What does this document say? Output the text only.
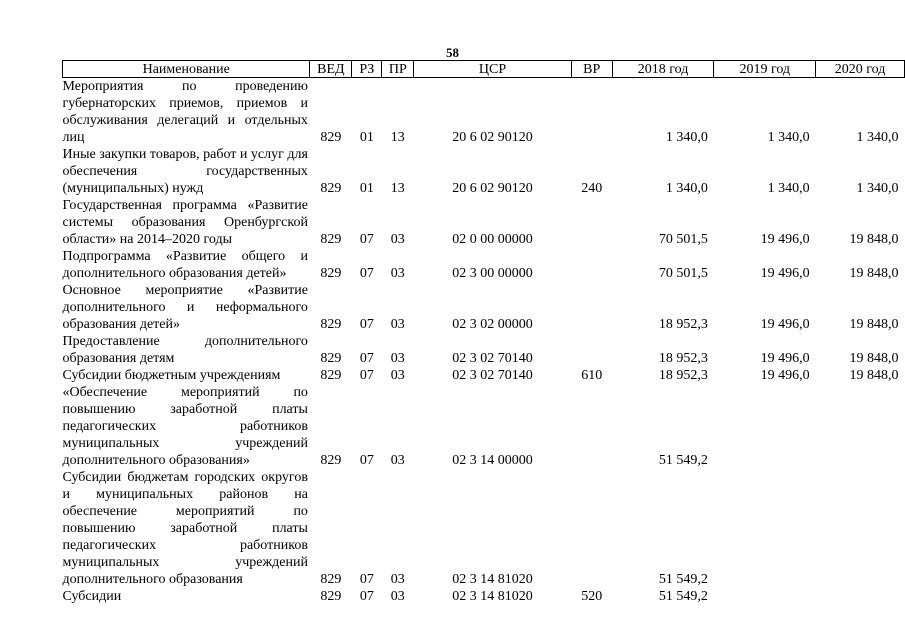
58
Наименование	ВЕД	РЗ	ПР	ЦСР	ВР	2018 год	2019 год	2020 год
Мероприятия по проведению губернаторских приемов, приемов и обслуживания делегаций и отдельных лиц	829	01	13	20 6 02 90120		1 340,0	1 340,0	1 340,0
Иные закупки товаров, работ и услуг для обеспечения государственных (муниципальных) нужд	829	01	13	20 6 02 90120	240	1 340,0	1 340,0	1 340,0
Государственная программа «Развитие системы образования Оренбургской области» на 2014–2020 годы	829	07	03	02 0 00 00000		70 501,5	19 496,0	19 848,0
Подпрограмма «Развитие общего и дополнительного образования детей»	829	07	03	02 3 00 00000		70 501,5	19 496,0	19 848,0
Основное мероприятие «Развитие дополнительного и неформального образования детей»	829	07	03	02 3 02 00000		18 952,3	19 496,0	19 848,0
Предоставление дополнительного образования детям	829	07	03	02 3 02 70140		18 952,3	19 496,0	19 848,0
Субсидии бюджетным учреждениям	829	07	03	02 3 02 70140	610	18 952,3	19 496,0	19 848,0
«Обеспечение мероприятий по повышению заработной платы педагогических работников муниципальных учреждений дополнительного образования»	829	07	03	02 3 14 00000		51 549,2		
Субсидии бюджетам городских округов и муниципальных районов на обеспечение мероприятий по повышению заработной платы педагогических работников муниципальных учреждений дополнительного образования	829	07	03	02 3 14 81020		51 549,2		
Субсидии	829	07	03	02 3 14 81020	520	51 549,2		
